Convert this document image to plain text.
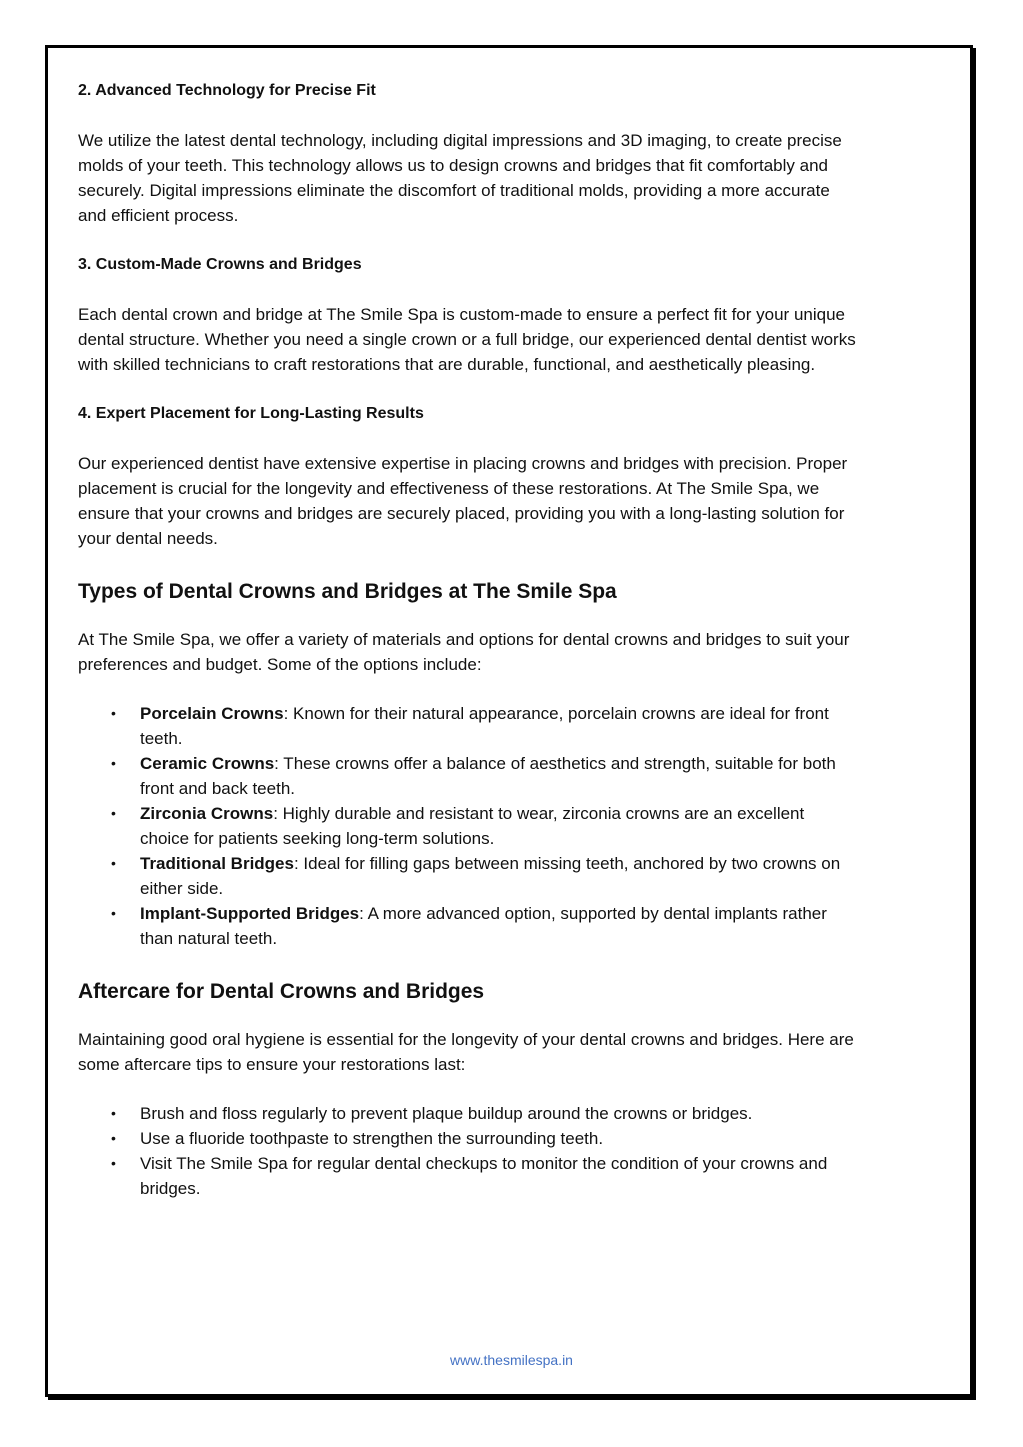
2. Advanced Technology for Precise Fit

We utilize the latest dental technology, including digital impressions and 3D imaging, to create precise molds of your teeth. This technology allows us to design crowns and bridges that fit comfortably and securely. Digital impressions eliminate the discomfort of traditional molds, providing a more accurate and efficient process.

3. Custom-Made Crowns and Bridges

Each dental crown and bridge at The Smile Spa is custom-made to ensure a perfect fit for your unique dental structure. Whether you need a single crown or a full bridge, our experienced dental dentist works with skilled technicians to craft restorations that are durable, functional, and aesthetically pleasing.

4. Expert Placement for Long-Lasting Results

Our experienced dentist have extensive expertise in placing crowns and bridges with precision. Proper placement is crucial for the longevity and effectiveness of these restorations. At The Smile Spa, we ensure that your crowns and bridges are securely placed, providing you with a long-lasting solution for your dental needs.

Types of Dental Crowns and Bridges at The Smile Spa

At The Smile Spa, we offer a variety of materials and options for dental crowns and bridges to suit your preferences and budget. Some of the options include:

• Porcelain Crowns: Known for their natural appearance, porcelain crowns are ideal for front teeth.
• Ceramic Crowns: These crowns offer a balance of aesthetics and strength, suitable for both front and back teeth.
• Zirconia Crowns: Highly durable and resistant to wear, zirconia crowns are an excellent choice for patients seeking long-term solutions.
• Traditional Bridges: Ideal for filling gaps between missing teeth, anchored by two crowns on either side.
• Implant-Supported Bridges: A more advanced option, supported by dental implants rather than natural teeth.
Aftercare for Dental Crowns and Bridges

Maintaining good oral hygiene is essential for the longevity of your dental crowns and bridges. Here are some aftercare tips to ensure your restorations last:

• Brush and floss regularly to prevent plaque buildup around the crowns or bridges.
• Use a fluoride toothpaste to strengthen the surrounding teeth.
• Visit The Smile Spa for regular dental checkups to monitor the condition of your crowns and bridges.
www.thesmilespa.in
